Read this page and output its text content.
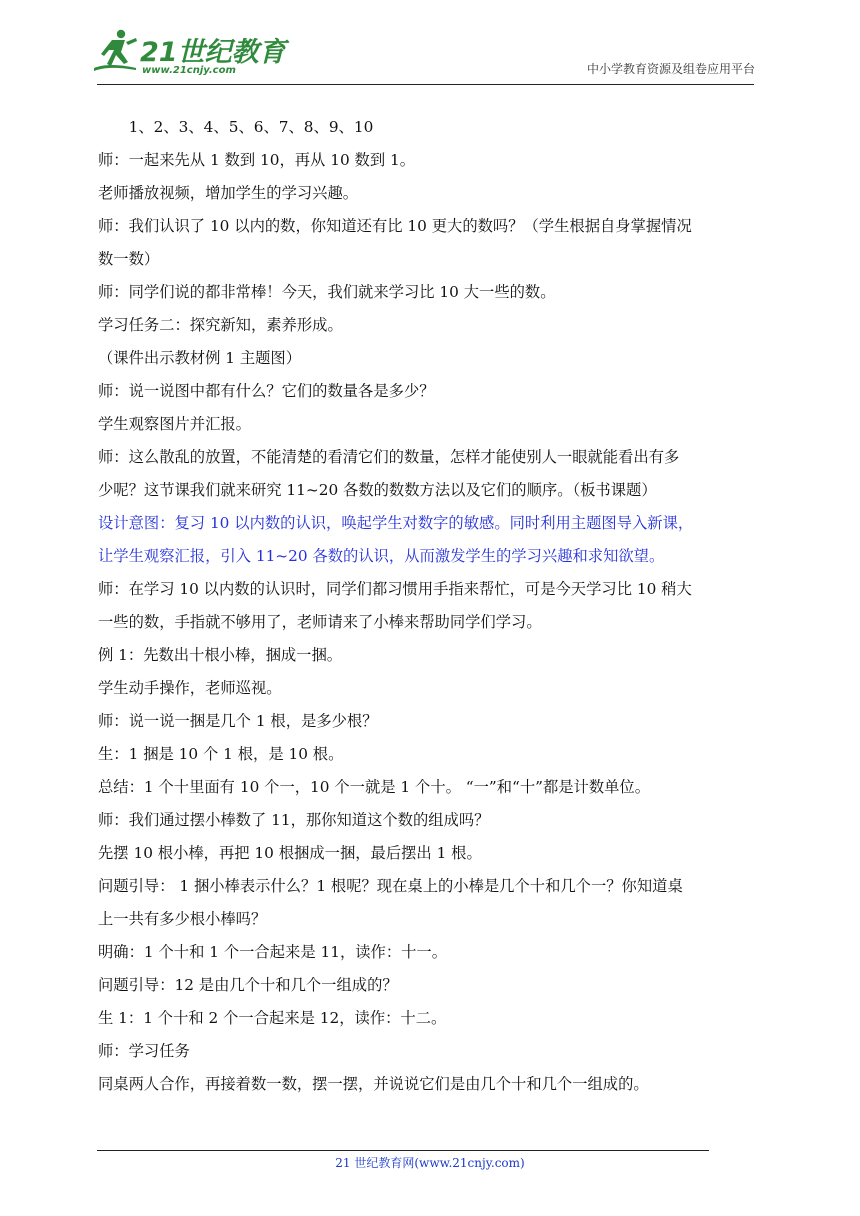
21世纪教育
www.21cnjy.com	中小学教育资源及组卷应用平台

　　1、2、3、4、5、6、7、8、9、10

师：一起来先从 1 数到 10，再从 10 数到 1。

老师播放视频，增加学生的学习兴趣。

师：我们认识了 10 以内的数，你知道还有比 10 更大的数吗？（学生根据自身掌握情况

数一数）

师：同学们说的都非常棒！今天，我们就来学习比 10 大一些的数。

学习任务二：探究新知，素养形成。

（课件出示教材例 1 主题图）

师：说一说图中都有什么？它们的数量各是多少？

学生观察图片并汇报。

师：这么散乱的放置，不能清楚的看清它们的数量，怎样才能使别人一眼就能看出有多

少呢？这节课我们就来研究 11~20 各数的数数方法以及它们的顺序。（板书课题）

设计意图：复习 10 以内数的认识，唤起学生对数字的敏感。同时利用主题图导入新课，

让学生观察汇报，引入 11~20 各数的认识，从而激发学生的学习兴趣和求知欲望。

师：在学习 10 以内数的认识时，同学们都习惯用手指来帮忙，可是今天学习比 10 稍大

一些的数，手指就不够用了，老师请来了小棒来帮助同学们学习。

例 1：先数出十根小棒，捆成一捆。

学生动手操作，老师巡视。

师：说一说一捆是几个 1 根，是多少根？

生：1 捆是 10 个 1 根，是 10 根。

总结：1 个十里面有 10 个一，10 个一就是 1 个十。 “一”和“十”都是计数单位。

师：我们通过摆小棒数了 11，那你知道这个数的组成吗？

先摆 10 根小棒，再把 10 根捆成一捆，最后摆出 1 根。

问题引导： 1 捆小棒表示什么？1 根呢？现在桌上的小棒是几个十和几个一？你知道桌

上一共有多少根小棒吗？

明确：1 个十和 1 个一合起来是 11，读作：十一。

问题引导：12 是由几个十和几个一组成的？

生 1：1 个十和 2 个一合起来是 12，读作：十二。

师：学习任务

同桌两人合作，再接着数一数，摆一摆，并说说它们是由几个十和几个一组成的。

21 世纪教育网(www.21cnjy.com)
